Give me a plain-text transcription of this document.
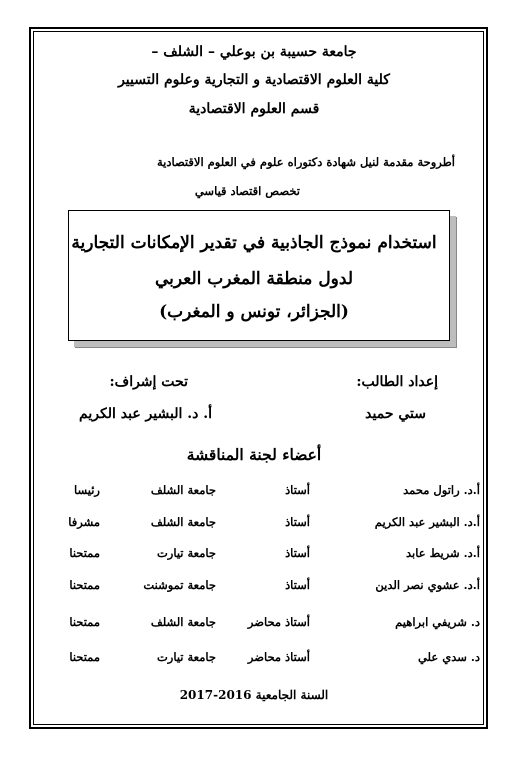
جامعة حسيبة بن بوعلي – الشلف –
كلية العلوم الاقتصادية و التجارية وعلوم التسيير
قسم العلوم الاقتصادية
أطروحة مقدمة لنيل شهادة دكتوراه علوم في العلوم الاقتصادية
تخصص اقتصاد قياسي
استخدام نموذج الجاذبية في تقدير الإمكانات التجارية
لدول منطقة المغرب العربي
(الجزائر، تونس و المغرب)
إعداد الطالب:
تحت إشراف:
ستي حميد
أ. د. البشير عبد الكريم
أعضاء لجنة المناقشة
أ.د. راتول محمد
أستاذ
جامعة الشلف
رئيسا
أ.د. البشير عبد الكريم
أستاذ
جامعة الشلف
مشرفا
أ.د. شريط عابد
أستاذ
جامعة تيارت
ممتحنا
أ.د. عشوي نصر الدين
أستاذ
جامعة تموشنت
ممتحنا
د. شريفي ابراهيم
أستاذ محاضر
جامعة الشلف
ممتحنا
د. سدي علي
أستاذ محاضر
جامعة تيارت
ممتحنا
السنة الجامعية 2016-2017
